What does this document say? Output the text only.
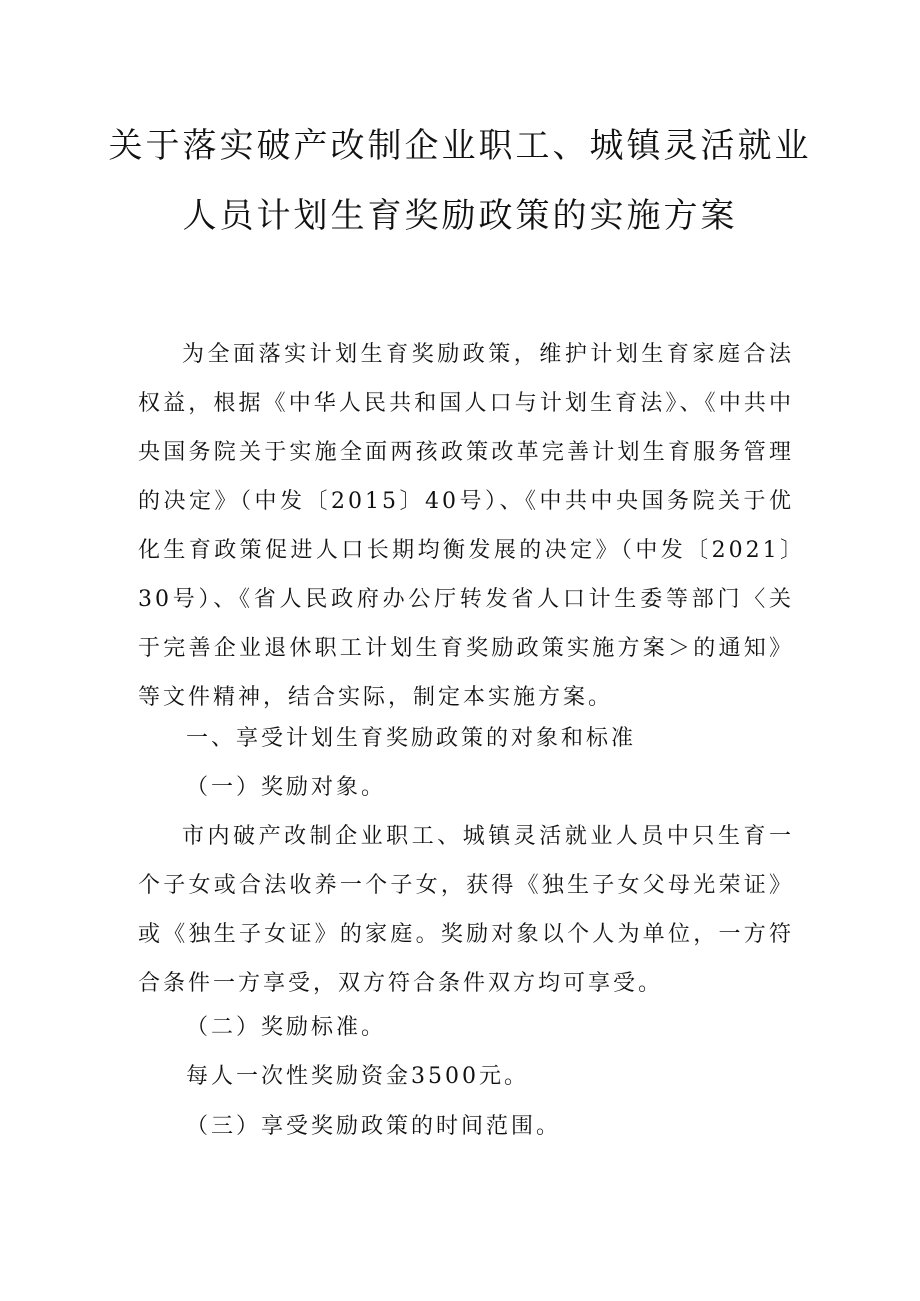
关于落实破产改制企业职工、城镇灵活就业
人员计划生育奖励政策的实施方案

为全面落实计划生育奖励政策，维护计划生育家庭合法权益，根据《中华人民共和国人口与计划生育法》、《中共中央国务院关于实施全面两孩政策改革完善计划生育服务管理的决定》（中发〔2015〕40号）、《中共中央国务院关于优化生育政策促进人口长期均衡发展的决定》（中发〔2021〕30号）、《省人民政府办公厅转发省人口计生委等部门〈关于完善企业退休职工计划生育奖励政策实施方案＞的通知》等文件精神，结合实际，制定本实施方案。

一、享受计划生育奖励政策的对象和标准
（一）奖励对象。

市内破产改制企业职工、城镇灵活就业人员中只生育一个子女或合法收养一个子女，获得《独生子女父母光荣证》或《独生子女证》的家庭。奖励对象以个人为单位，一方符合条件一方享受，双方符合条件双方均可享受。

（二）奖励标准。
每人一次性奖励资金3500元。
（三）享受奖励政策的时间范围。
